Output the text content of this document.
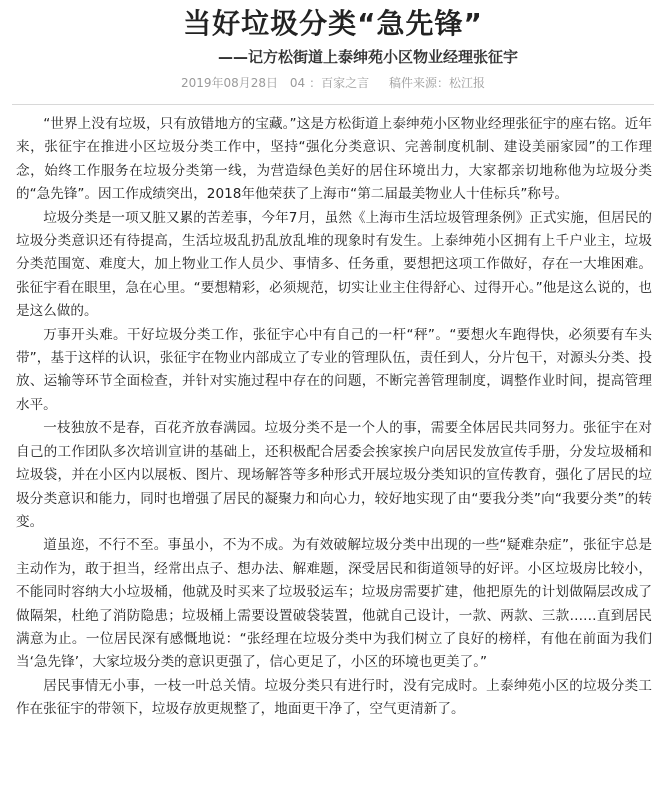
当好垃圾分类“急先锋”
——记方松街道上泰绅苑小区物业经理张征宇
2019年08月28日 04 ：百家之言 稿件来源：松江报

“世界上没有垃圾，只有放错地方的宝藏。”这是方松街道上泰绅苑小区物业经理张征宇的座右铭。近年来，张征宇在推进小区垃圾分类工作中，坚持“强化分类意识、完善制度机制、建设美丽家园”的工作理念，始终工作服务在垃圾分类第一线，为营造绿色美好的居住环境出力，大家都亲切地称他为垃圾分类的“急先锋”。因工作成绩突出，2018年他荣获了上海市“第二届最美物业人十佳标兵”称号。

垃圾分类是一项又脏又累的苦差事，今年7月，虽然《上海市生活垃圾管理条例》正式实施，但居民的垃圾分类意识还有待提高，生活垃圾乱扔乱放乱堆的现象时有发生。上泰绅苑小区拥有上千户业主，垃圾分类范围宽、难度大，加上物业工作人员少、事情多、任务重，要想把这项工作做好，存在一大堆困难。张征宇看在眼里，急在心里。“要想精彩，必须规范，切实让业主住得舒心、过得开心。”他是这么说的，也是这么做的。

万事开头难。干好垃圾分类工作，张征宇心中有自己的一杆“秤”。“要想火车跑得快，必须要有车头带”，基于这样的认识，张征宇在物业内部成立了专业的管理队伍，责任到人，分片包干，对源头分类、投放、运输等环节全面检查，并针对实施过程中存在的问题，不断完善管理制度，调整作业时间，提高管理水平。

一枝独放不是春，百花齐放春满园。垃圾分类不是一个人的事，需要全体居民共同努力。张征宇在对自己的工作团队多次培训宣讲的基础上，还积极配合居委会挨家挨户向居民发放宣传手册，分发垃圾桶和垃圾袋，并在小区内以展板、图片、现场解答等多种形式开展垃圾分类知识的宣传教育，强化了居民的垃圾分类意识和能力，同时也增强了居民的凝聚力和向心力，较好地实现了由“要我分类”向“我要分类”的转变。

道虽迩，不行不至。事虽小，不为不成。为有效破解垃圾分类中出现的一些“疑难杂症”，张征宇总是主动作为，敢于担当，经常出点子、想办法、解难题，深受居民和街道领导的好评。小区垃圾房比较小，不能同时容纳大小垃圾桶，他就及时买来了垃圾驳运车；垃圾房需要扩建，他把原先的计划做隔层改成了做隔架，杜绝了消防隐患；垃圾桶上需要设置破袋装置，他就自己设计，一款、两款、三款……直到居民满意为止。一位居民深有感慨地说：“张经理在垃圾分类中为我们树立了良好的榜样，有他在前面为我们当‘急先锋’，大家垃圾分类的意识更强了，信心更足了，小区的环境也更美了。”

居民事情无小事，一枝一叶总关情。垃圾分类只有进行时，没有完成时。上泰绅苑小区的垃圾分类工作在张征宇的带领下，垃圾存放更规整了，地面更干净了，空气更清新了。
